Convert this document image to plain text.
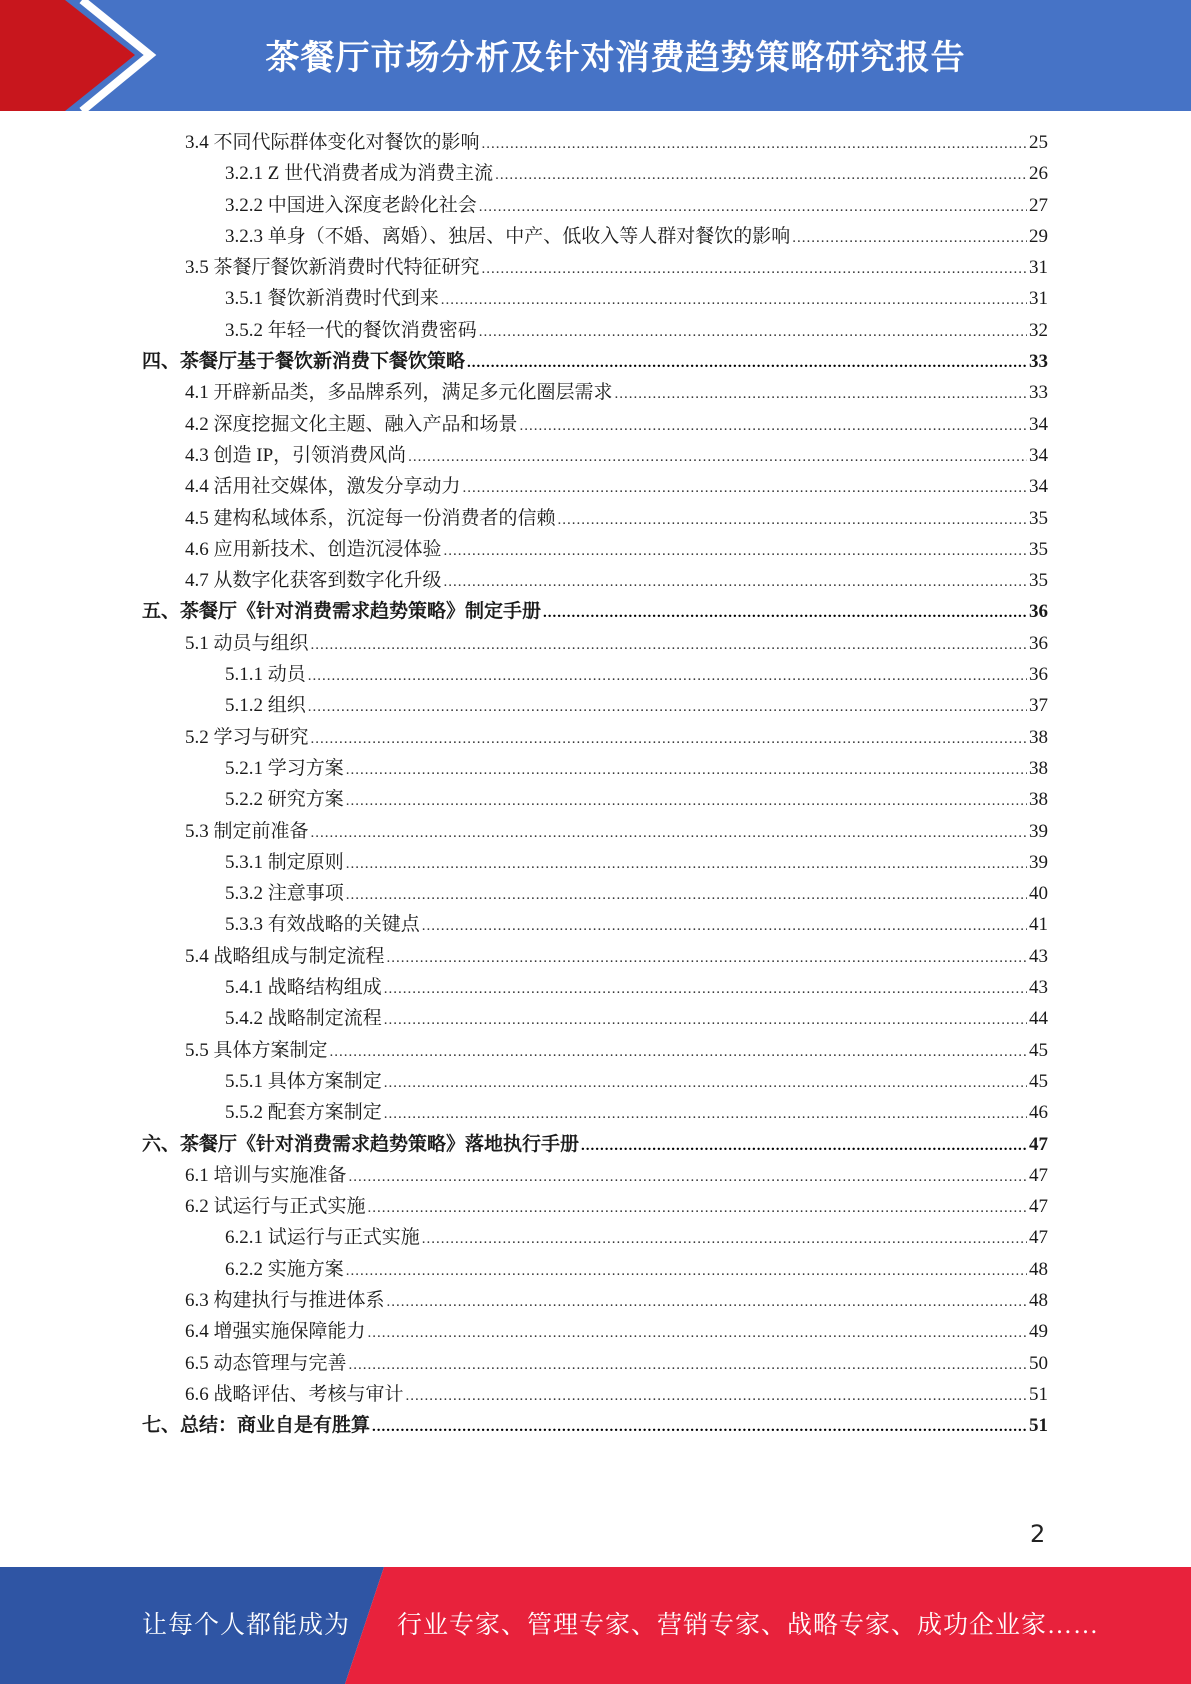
茶餐厅市场分析及针对消费趋势策略研究报告
3.4 不同代际群体变化对餐饮的影响 .....	25
3.2.1 Z 世代消费者成为消费主流 .....	26
3.2.2 中国进入深度老龄化社会 .....	27
3.2.3 单身（不婚、离婚）、独居、中产、低收入等人群对餐饮的影响 .....	29
3.5 茶餐厅餐饮新消费时代特征研究 .....	31
3.5.1 餐饮新消费时代到来 .....	31
3.5.2 年轻一代的餐饮消费密码 .....	32
四、茶餐厅基于餐饮新消费下餐饮策略 .....	33
4.1 开辟新品类，多品牌系列，满足多元化圈层需求 .....	33
4.2 深度挖掘文化主题、融入产品和场景 .....	34
4.3 创造 IP，引领消费风尚 .....	34
4.4 活用社交媒体，激发分享动力 .....	34
4.5 建构私域体系，沉淀每一份消费者的信赖 .....	35
4.6 应用新技术、创造沉浸体验 .....	35
4.7 从数字化获客到数字化升级 .....	35
五、茶餐厅《针对消费需求趋势策略》制定手册 .....	36
5.1 动员与组织 .....	36
5.1.1 动员 .....	36
5.1.2 组织 .....	37
5.2 学习与研究 .....	38
5.2.1 学习方案 .....	38
5.2.2 研究方案 .....	38
5.3 制定前准备 .....	39
5.3.1 制定原则 .....	39
5.3.2 注意事项 .....	40
5.3.3 有效战略的关键点 .....	41
5.4 战略组成与制定流程 .....	43
5.4.1 战略结构组成 .....	43
5.4.2 战略制定流程 .....	44
5.5 具体方案制定 .....	45
5.5.1 具体方案制定 .....	45
5.5.2 配套方案制定 .....	46
六、茶餐厅《针对消费需求趋势策略》落地执行手册 .....	47
6.1 培训与实施准备 .....	47
6.2 试运行与正式实施 .....	47
6.2.1 试运行与正式实施 .....	47
6.2.2 实施方案 .....	48
6.3 构建执行与推进体系 .....	48
6.4 增强实施保障能力 .....	49
6.5 动态管理与完善 .....	50
6.6 战略评估、考核与审计 .....	51
七、总结：商业自是有胜算 .....	51
2
让每个人都能成为 行业专家、管理专家、营销专家、战略专家、成功企业家……
